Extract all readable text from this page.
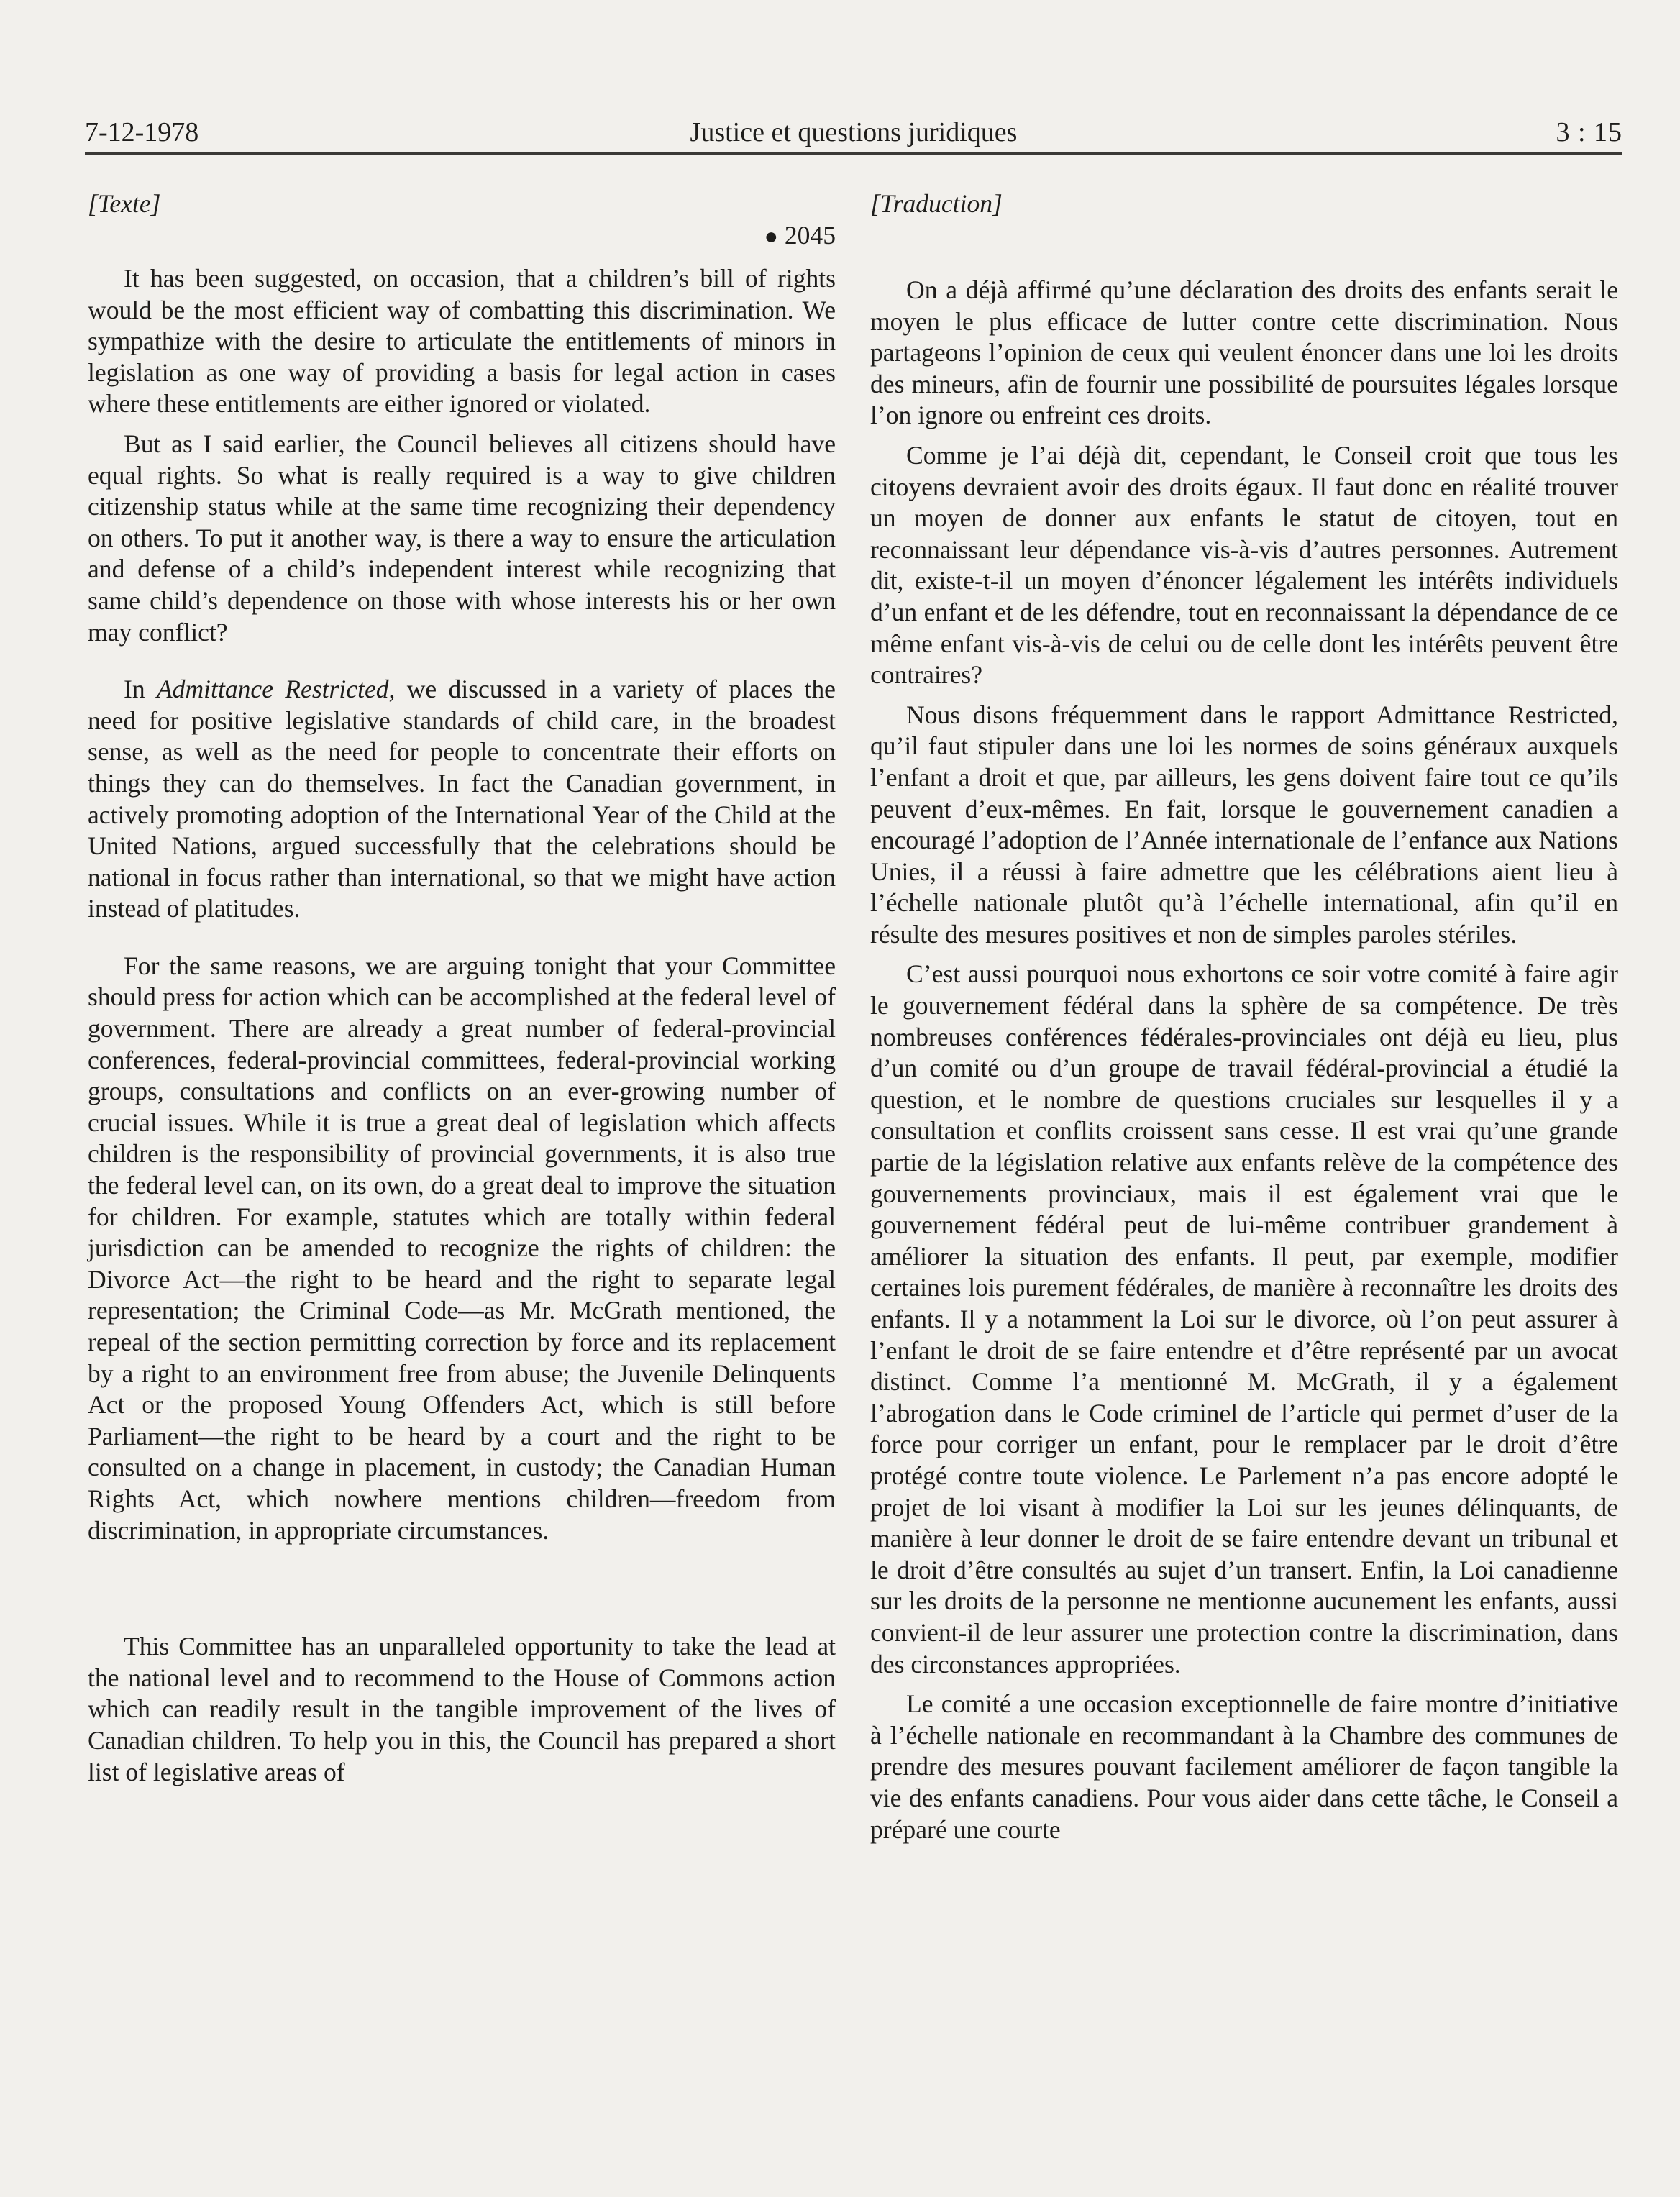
7-12-1978	Justice et questions juridiques	3 : 15
[Texte]
● 2045

It has been suggested, on occasion, that a children’s bill of rights would be the most efficient way of combatting this discrimination. We sympathize with the desire to articulate the entitlements of minors in legislation as one way of providing a basis for legal action in cases where these entitlements are either ignored or violated.

But as I said earlier, the Council believes all citizens should have equal rights. So what is really required is a way to give children citizenship status while at the same time recognizing their dependency on others. To put it another way, is there a way to ensure the articulation and defense of a child’s independent interest while recognizing that same child’s dependence on those with whose interests his or her own may conflict?

In Admittance Restricted, we discussed in a variety of places the need for positive legislative standards of child care, in the broadest sense, as well as the need for people to concentrate their efforts on things they can do themselves. In fact the Canadian government, in actively promoting adoption of the International Year of the Child at the United Nations, argued successfully that the celebrations should be national in focus rather than international, so that we might have action instead of platitudes.

For the same reasons, we are arguing tonight that your Committee should press for action which can be accomplished at the federal level of government. There are already a great number of federal-provincial conferences, federal-provincial committees, federal-provincial working groups, consultations and conflicts on an ever-growing number of crucial issues. While it is true a great deal of legislation which affects children is the responsibility of provincial governments, it is also true the federal level can, on its own, do a great deal to improve the situation for children. For example, statutes which are totally within federal jurisdiction can be amended to recognize the rights of children: the Divorce Act—the right to be heard and the right to separate legal representation; the Criminal Code—as Mr. McGrath mentioned, the repeal of the section permitting correction by force and its replacement by a right to an environment free from abuse; the Juvenile Delinquents Act or the proposed Young Offenders Act, which is still before Parliament—the right to be heard by a court and the right to be consulted on a change in placement, in custody; the Canadian Human Rights Act, which nowhere mentions children—freedom from discrimination, in appropriate circumstances.

This Committee has an unparalleled opportunity to take the lead at the national level and to recommend to the House of Commons action which can readily result in the tangible improvement of the lives of Canadian children. To help you in this, the Council has prepared a short list of legislative areas of

[Traduction]

On a déjà affirmé qu’une déclaration des droits des enfants serait le moyen le plus efficace de lutter contre cette discrimination. Nous partageons l’opinion de ceux qui veulent énoncer dans une loi les droits des mineurs, afin de fournir une possibilité de poursuites légales lorsque l’on ignore ou enfreint ces droits.

Comme je l’ai déjà dit, cependant, le Conseil croit que tous les citoyens devraient avoir des droits égaux. Il faut donc en réalité trouver un moyen de donner aux enfants le statut de citoyen, tout en reconnaissant leur dépendance vis-à-vis d’autres personnes. Autrement dit, existe-t-il un moyen d’énoncer légalement les intérêts individuels d’un enfant et de les défendre, tout en reconnaissant la dépendance de ce même enfant vis-à-vis de celui ou de celle dont les intérêts peuvent être contraires?

Nous disons fréquemment dans le rapport Admittance Restricted, qu’il faut stipuler dans une loi les normes de soins généraux auxquels l’enfant a droit et que, par ailleurs, les gens doivent faire tout ce qu’ils peuvent d’eux-mêmes. En fait, lorsque le gouvernement canadien a encouragé l’adoption de l’Année internationale de l’enfance aux Nations Unies, il a réussi à faire admettre que les célébrations aient lieu à l’échelle nationale plutôt qu’à l’échelle international, afin qu’il en résulte des mesures positives et non de simples paroles stériles.

C’est aussi pourquoi nous exhortons ce soir votre comité à faire agir le gouvernement fédéral dans la sphère de sa compétence. De très nombreuses conférences fédérales-provinciales ont déjà eu lieu, plus d’un comité ou d’un groupe de travail fédéral-provincial a étudié la question, et le nombre de questions cruciales sur lesquelles il y a consultation et conflits croissent sans cesse. Il est vrai qu’une grande partie de la législation relative aux enfants relève de la compétence des gouvernements provinciaux, mais il est également vrai que le gouvernement fédéral peut de lui-même contribuer grandement à améliorer la situation des enfants. Il peut, par exemple, modifier certaines lois purement fédérales, de manière à reconnaître les droits des enfants. Il y a notamment la Loi sur le divorce, où l’on peut assurer à l’enfant le droit de se faire entendre et d’être représenté par un avocat distinct. Comme l’a mentionné M. McGrath, il y a également l’abrogation dans le Code criminel de l’article qui permet d’user de la force pour corriger un enfant, pour le remplacer par le droit d’être protégé contre toute violence. Le Parlement n’a pas encore adopté le projet de loi visant à modifier la Loi sur les jeunes délinquants, de manière à leur donner le droit de se faire entendre devant un tribunal et le droit d’être consultés au sujet d’un transert. Enfin, la Loi canadienne sur les droits de la personne ne mentionne aucunement les enfants, aussi convient-il de leur assurer une protection contre la discrimination, dans des circonstances appropriées.

Le comité a une occasion exceptionnelle de faire montre d’initiative à l’échelle nationale en recommandant à la Chambre des communes de prendre des mesures pouvant facilement améliorer de façon tangible la vie des enfants canadiens. Pour vous aider dans cette tâche, le Conseil a préparé une courte
